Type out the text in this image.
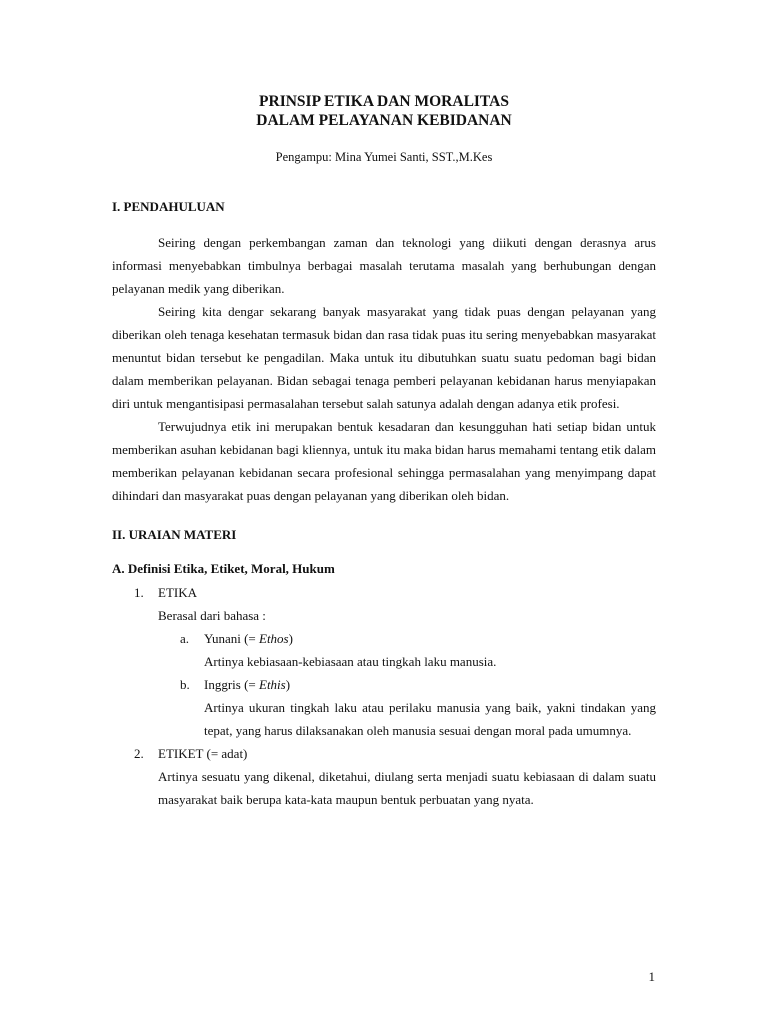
PRINSIP ETIKA DAN MORALITAS
DALAM PELAYANAN KEBIDANAN
Pengampu: Mina Yumei Santi, SST.,M.Kes
I. PENDAHULUAN

Seiring dengan perkembangan zaman dan teknologi yang diikuti dengan derasnya arus informasi menyebabkan timbulnya berbagai masalah terutama masalah yang berhubungan dengan pelayanan medik yang diberikan.

Seiring kita dengar sekarang banyak masyarakat yang tidak puas dengan pelayanan yang diberikan oleh tenaga kesehatan termasuk bidan dan rasa tidak puas itu sering menyebabkan masyarakat menuntut bidan tersebut ke pengadilan. Maka untuk itu dibutuhkan suatu suatu pedoman bagi bidan dalam memberikan pelayanan. Bidan sebagai tenaga pemberi pelayanan kebidanan harus menyiapakan diri untuk mengantisipasi permasalahan tersebut salah satunya adalah dengan adanya etik profesi.

Terwujudnya etik ini merupakan bentuk kesadaran dan kesungguhan hati setiap bidan untuk memberikan asuhan kebidanan bagi kliennya, untuk itu maka bidan harus memahami tentang etik dalam memberikan pelayanan kebidanan secara profesional sehingga permasalahan yang menyimpang dapat dihindari dan masyarakat puas dengan pelayanan yang diberikan oleh bidan.

II. URAIAN MATERI
A. Definisi Etika, Etiket, Moral, Hukum
1. ETIKA
Berasal dari bahasa :
a. Yunani (= Ethos)
Artinya kebiasaan-kebiasaan atau tingkah laku manusia.
b. Inggris (= Ethis)
Artinya ukuran tingkah laku atau perilaku manusia yang baik, yakni tindakan yang tepat, yang harus dilaksanakan oleh manusia sesuai dengan moral pada umumnya.
2. ETIKET (= adat)
Artinya sesuatu yang dikenal, diketahui, diulang serta menjadi suatu kebiasaan di dalam suatu masyarakat baik berupa kata-kata maupun bentuk perbuatan yang nyata.
1
